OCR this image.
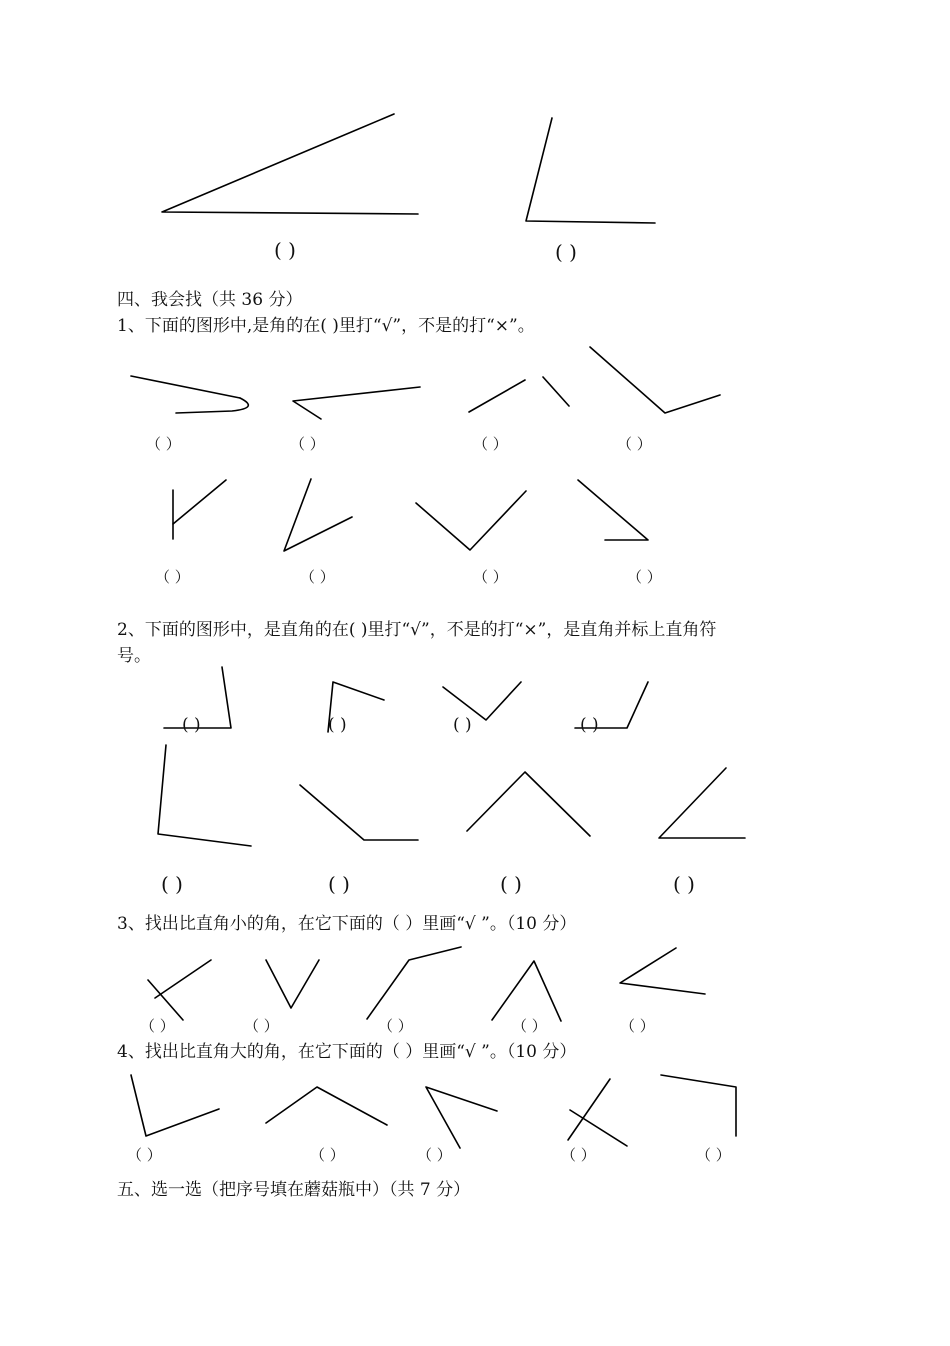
( )	( )
四、我会找（共 36 分）
1、下面的图形中,是角的在( )里打“√”，不是的打“×”。
（ ）	（ ）	（ ）	（ ）
（ ）	（ ）	（ ）	（ ）
2、下面的图形中，是直角的在( )里打“√”，不是的打“×”，是直角并标上直角符
号。
( )	( )	( )	( )
( )	( )	( )	( )
3、找出比直角小的角，在它下面的（ ）里画“√ ”。（10 分）
（ ）	（ ）	（ ）	（ ）	（ ）
4、找出比直角大的角，在它下面的（ ）里画“√ ”。（10 分）
（ ）	（ ）	（ ）	（ ）	（ ）
五、选一选（把序号填在蘑菇瓶中）（共 7 分）
